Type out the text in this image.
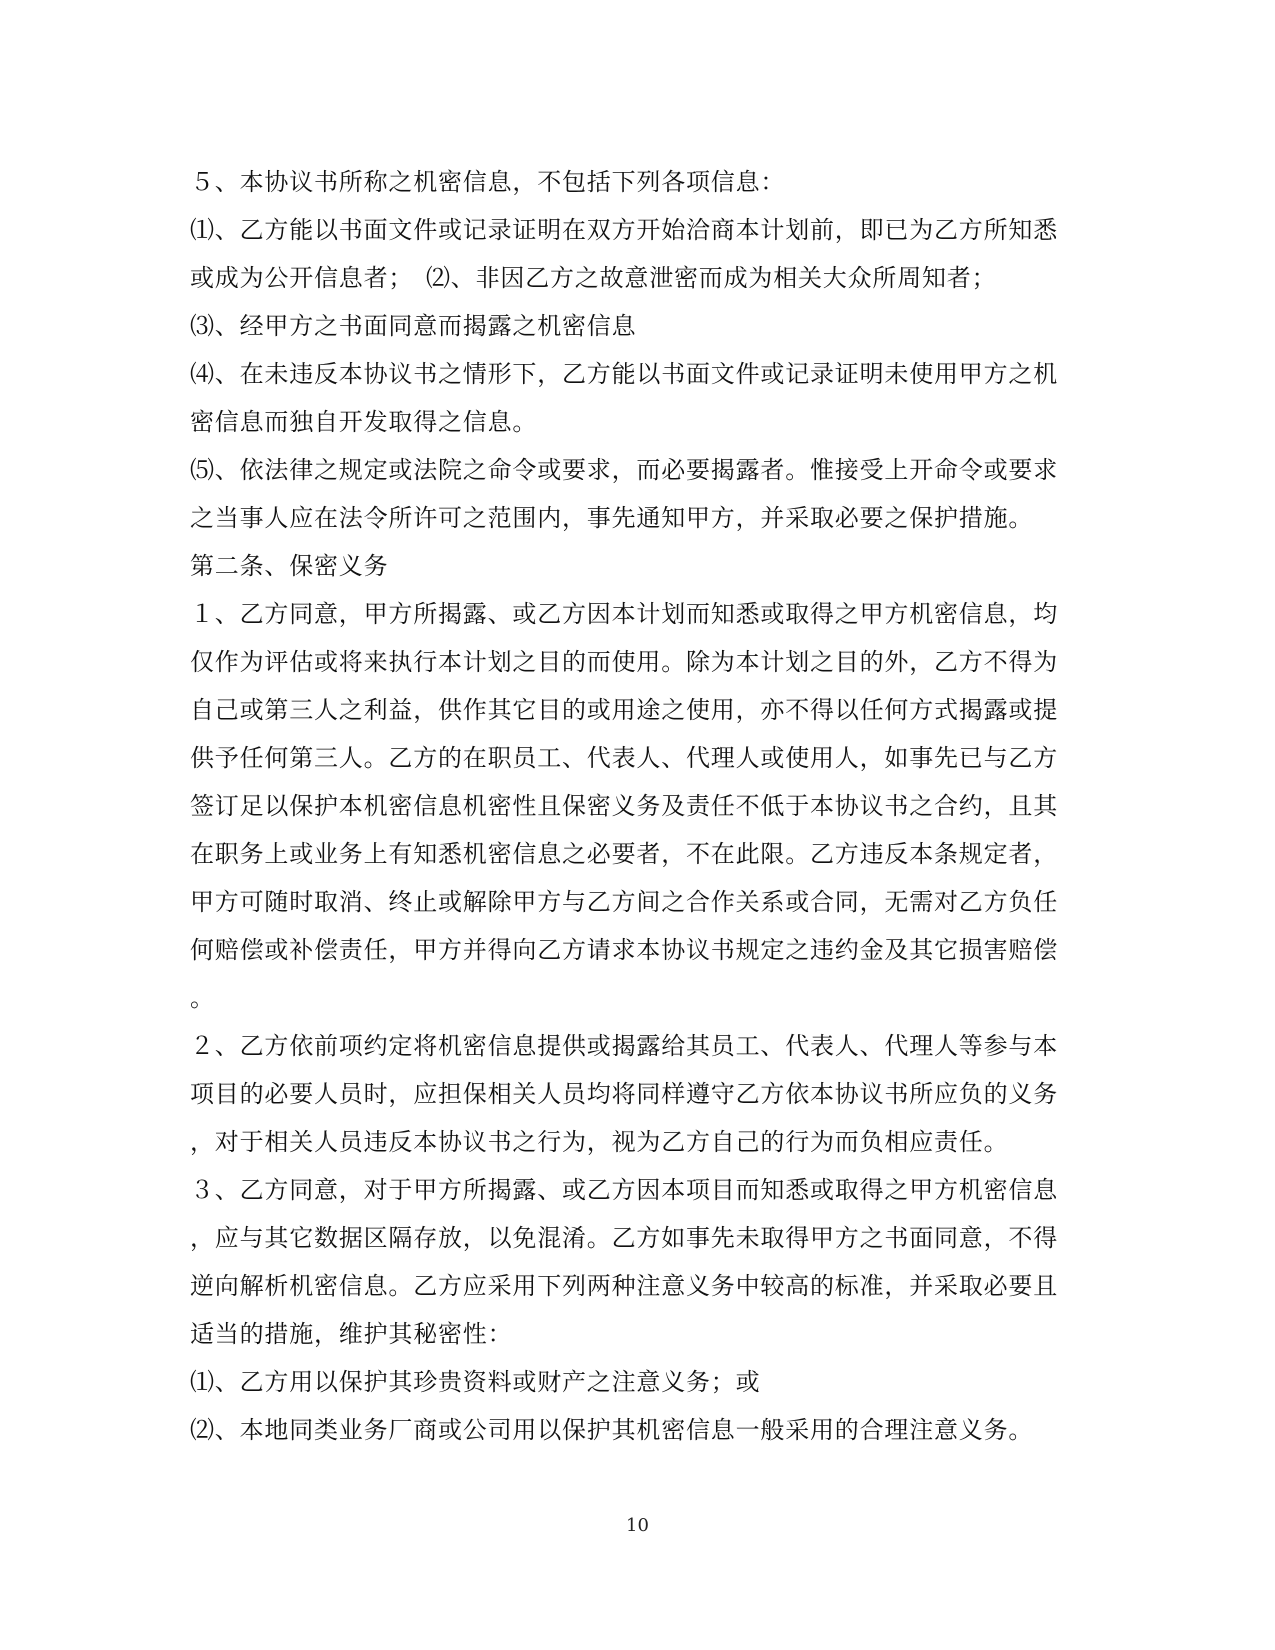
５、本协议书所称之机密信息，不包括下列各项信息：
⑴、乙方能以书面文件或记录证明在双方开始洽商本计划前，即已为乙方所知悉
或成为公开信息者；　⑵、非因乙方之故意泄密而成为相关大众所周知者；
⑶、经甲方之书面同意而揭露之机密信息
⑷、在未违反本协议书之情形下，乙方能以书面文件或记录证明未使用甲方之机
密信息而独自开发取得之信息。
⑸、依法律之规定或法院之命令或要求，而必要揭露者。惟接受上开命令或要求
之当事人应在法令所许可之范围内，事先通知甲方，并采取必要之保护措施。
第二条、保密义务
１、乙方同意，甲方所揭露、或乙方因本计划而知悉或取得之甲方机密信息，均
仅作为评估或将来执行本计划之目的而使用。除为本计划之目的外，乙方不得为
自己或第三人之利益，供作其它目的或用途之使用，亦不得以任何方式揭露或提
供予任何第三人。乙方的在职员工、代表人、代理人或使用人，如事先已与乙方
签订足以保护本机密信息机密性且保密义务及责任不低于本协议书之合约，且其
在职务上或业务上有知悉机密信息之必要者，不在此限。乙方违反本条规定者，
甲方可随时取消、终止或解除甲方与乙方间之合作关系或合同，无需对乙方负任
何赔偿或补偿责任，甲方并得向乙方请求本协议书规定之违约金及其它损害赔偿
。
２、乙方依前项约定将机密信息提供或揭露给其员工、代表人、代理人等参与本
项目的必要人员时，应担保相关人员均将同样遵守乙方依本协议书所应负的义务
，对于相关人员违反本协议书之行为，视为乙方自己的行为而负相应责任。
３、乙方同意，对于甲方所揭露、或乙方因本项目而知悉或取得之甲方机密信息
，应与其它数据区隔存放，以免混淆。乙方如事先未取得甲方之书面同意，不得
逆向解析机密信息。乙方应采用下列两种注意义务中较高的标准，并采取必要且
适当的措施，维护其秘密性：
⑴、乙方用以保护其珍贵资料或财产之注意义务；或
⑵、本地同类业务厂商或公司用以保护其机密信息一般采用的合理注意义务。
10
